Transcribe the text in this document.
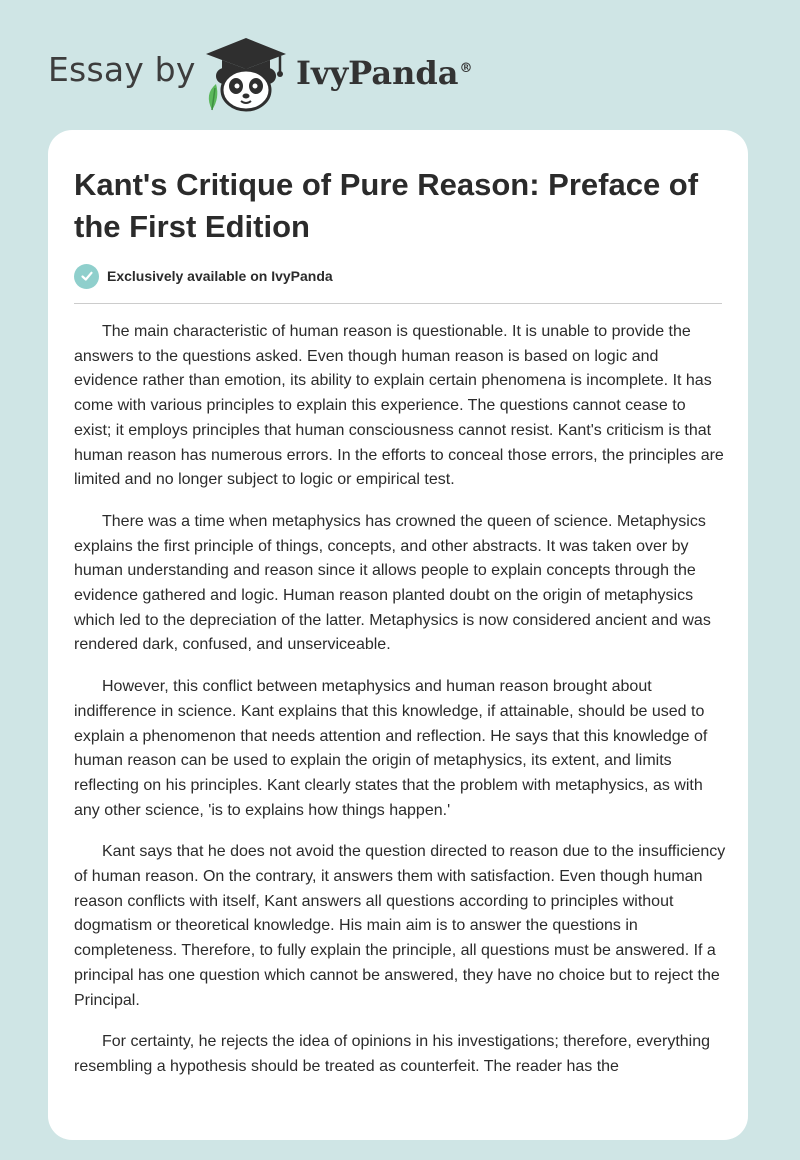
Essay by	IvyPanda®
Kant's Critique of Pure Reason: Preface of the First Edition
Exclusively available on IvyPanda

The main characteristic of human reason is questionable. It is unable to provide the answers to the questions asked. Even though human reason is based on logic and evidence rather than emotion, its ability to explain certain phenomena is incomplete. It has come with various principles to explain this experience. The questions cannot cease to exist; it employs principles that human consciousness cannot resist. Kant's criticism is that human reason has numerous errors. In the efforts to conceal those errors, the principles are limited and no longer subject to logic or empirical test.

There was a time when metaphysics has crowned the queen of science. Metaphysics explains the first principle of things, concepts, and other abstracts. It was taken over by human understanding and reason since it allows people to explain concepts through the evidence gathered and logic. Human reason planted doubt on the origin of metaphysics which led to the depreciation of the latter. Metaphysics is now considered ancient and was rendered dark, confused, and unserviceable.

However, this conflict between metaphysics and human reason brought about indifference in science. Kant explains that this knowledge, if attainable, should be used to explain a phenomenon that needs attention and reflection. He says that this knowledge of human reason can be used to explain the origin of metaphysics, its extent, and limits reflecting on his principles. Kant clearly states that the problem with metaphysics, as with any other science, 'is to explains how things happen.'

Kant says that he does not avoid the question directed to reason due to the insufficiency of human reason. On the contrary, it answers them with satisfaction. Even though human reason conflicts with itself, Kant answers all questions according to principles without dogmatism or theoretical knowledge. His main aim is to answer the questions in completeness. Therefore, to fully explain the principle, all questions must be answered. If a principal has one question which cannot be answered, they have no choice but to reject the Principal.

For certainty, he rejects the idea of opinions in his investigations; therefore, everything resembling a hypothesis should be treated as counterfeit. The reader has the
